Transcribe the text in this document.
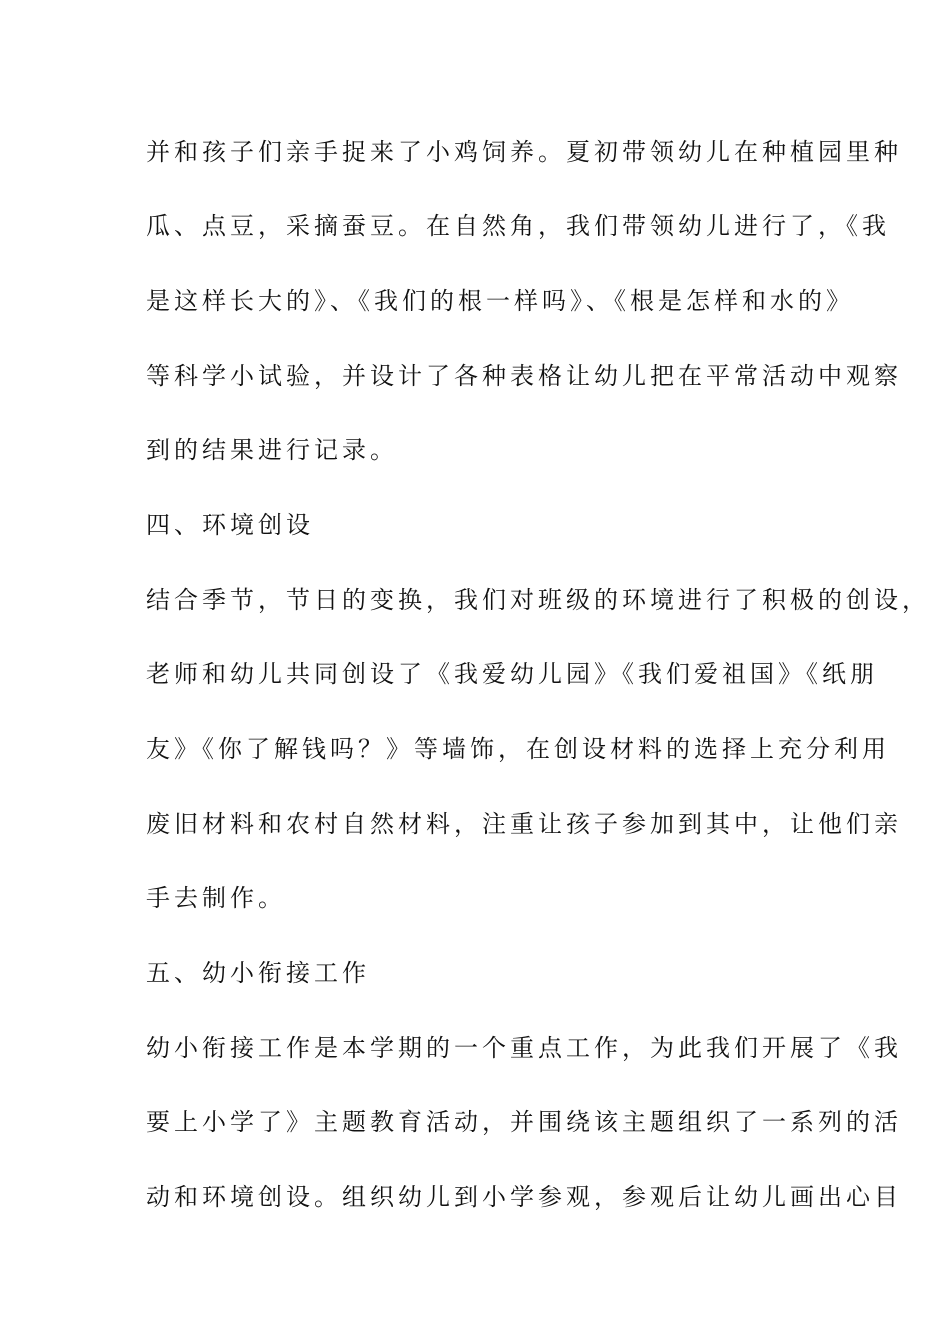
并和孩子们亲手捉来了小鸡饲养。夏初带领幼儿在种植园里种
瓜、点豆，采摘蚕豆。在自然角，我们带领幼儿进行了，《我
是这样长大的》、《我们的根一样吗》、《根是怎样和水的》
等科学小试验，并设计了各种表格让幼儿把在平常活动中观察
到的结果进行记录。
四、环境创设
结合季节，节日的变换，我们对班级的环境进行了积极的创设，
老师和幼儿共同创设了《我爱幼儿园》《我们爱祖国》《纸朋
友》《你了解钱吗？》等墙饰，在创设材料的选择上充分利用
废旧材料和农村自然材料，注重让孩子参加到其中，让他们亲
手去制作。
五、幼小衔接工作
幼小衔接工作是本学期的一个重点工作，为此我们开展了《我
要上小学了》主题教育活动，并围绕该主题组织了一系列的活
动和环境创设。组织幼儿到小学参观，参观后让幼儿画出心目
